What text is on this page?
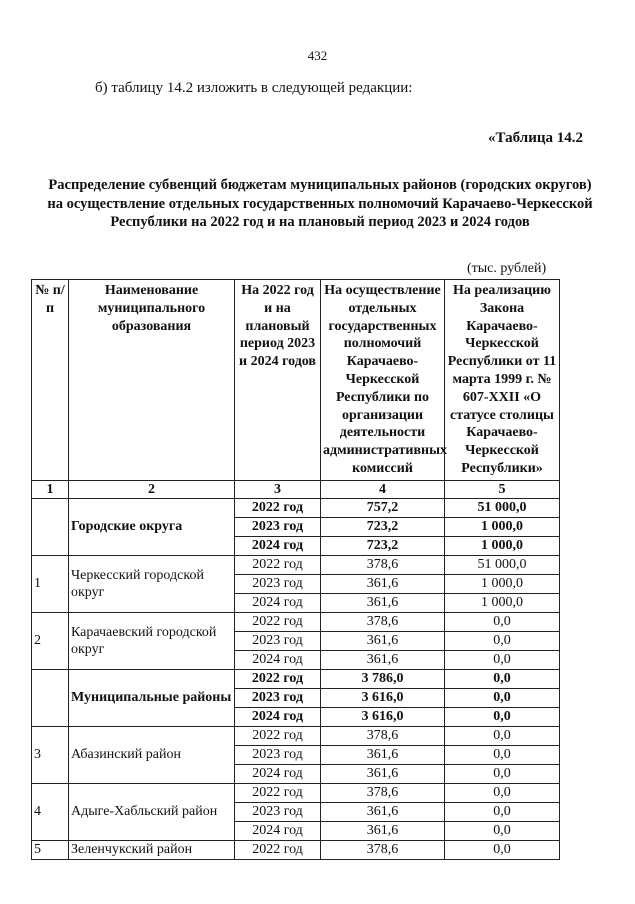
432
б) таблицу 14.2 изложить в следующей редакции:
«Таблица 14.2
Распределение субвенций бюджетам муниципальных районов (городских округов) на осуществление отдельных государственных полномочий Карачаево-Черкесской Республики на 2022 год и на плановый период 2023 и 2024 годов
(тыс. рублей)
№ п/п	Наименование муниципального образования	На 2022 год и на плановый период 2023 и 2024 годов	На осуществление отдельных государственных полномочий Карачаево-Черкесской Республики по организации деятельности административных комиссий	На реализацию Закона Карачаево-Черкесской Республики от 11 марта 1999 г. № 607-XXII «О статусе столицы Карачаево-Черкесской Республики»
1	2	3	4	5
	Городские округа	2022 год	757,2	51 000,0
		2023 год	723,2	1 000,0
		2024 год	723,2	1 000,0
1	Черкесский городской округ	2022 год	378,6	51 000,0
		2023 год	361,6	1 000,0
		2024 год	361,6	1 000,0
2	Карачаевский городской округ	2022 год	378,6	0,0
		2023 год	361,6	0,0
		2024 год	361,6	0,0
	Муниципальные районы	2022 год	3 786,0	0,0
		2023 год	3 616,0	0,0
		2024 год	3 616,0	0,0
3	Абазинский район	2022 год	378,6	0,0
		2023 год	361,6	0,0
		2024 год	361,6	0,0
4	Адыге-Хабльский район	2022 год	378,6	0,0
		2023 год	361,6	0,0
		2024 год	361,6	0,0
5	Зеленчукский район	2022 год	378,6	0,0
